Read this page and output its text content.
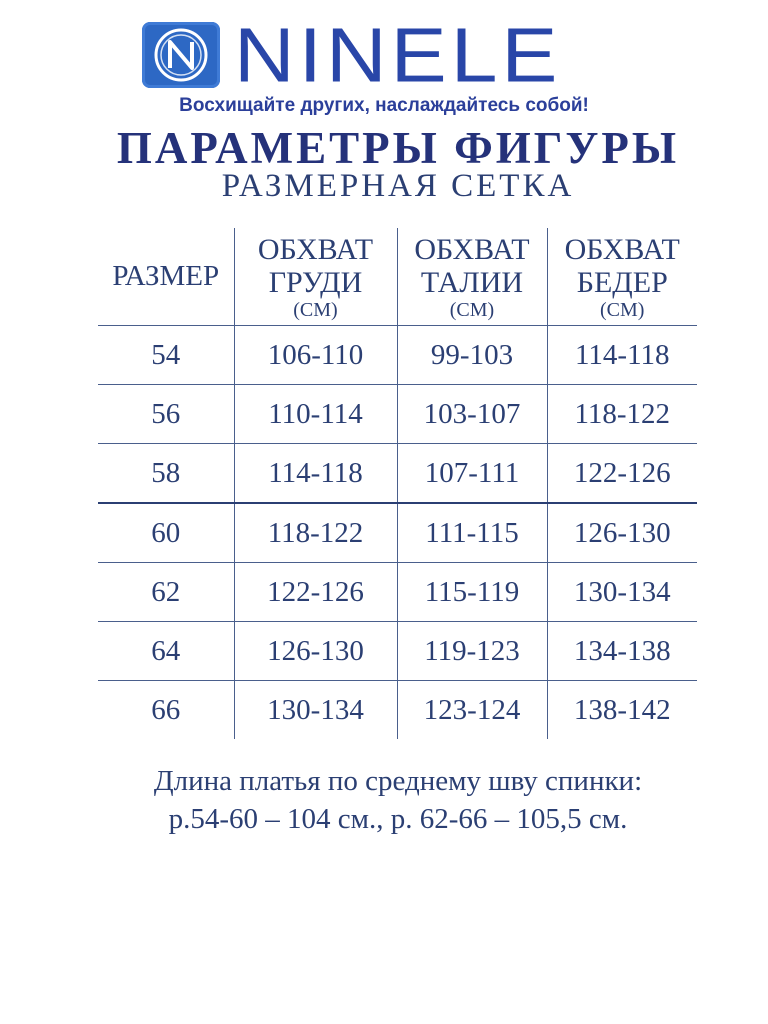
NINELE
Восхищайте других, наслаждайтесь собой!
ПАРАМЕТРЫ ФИГУРЫ
РАЗМЕРНАЯ СЕТКА
РАЗМЕР	ОБХВАТ
ГРУДИ
(СМ)	ОБХВАТ
ТАЛИИ
(СМ)	ОБХВАТ
БЕДЕР
(СМ)

54	106-110	99-103	114-118
56	110-114	103-107	118-122
58	114-118	107-111	122-126
60	118-122	111-115	126-130
62	122-126	115-119	130-134
64	126-130	119-123	134-138
66	130-134	123-124	138-142
Длина платья по среднему шву спинки:
р.54-60 – 104 см., р. 62-66 – 105,5 см.
